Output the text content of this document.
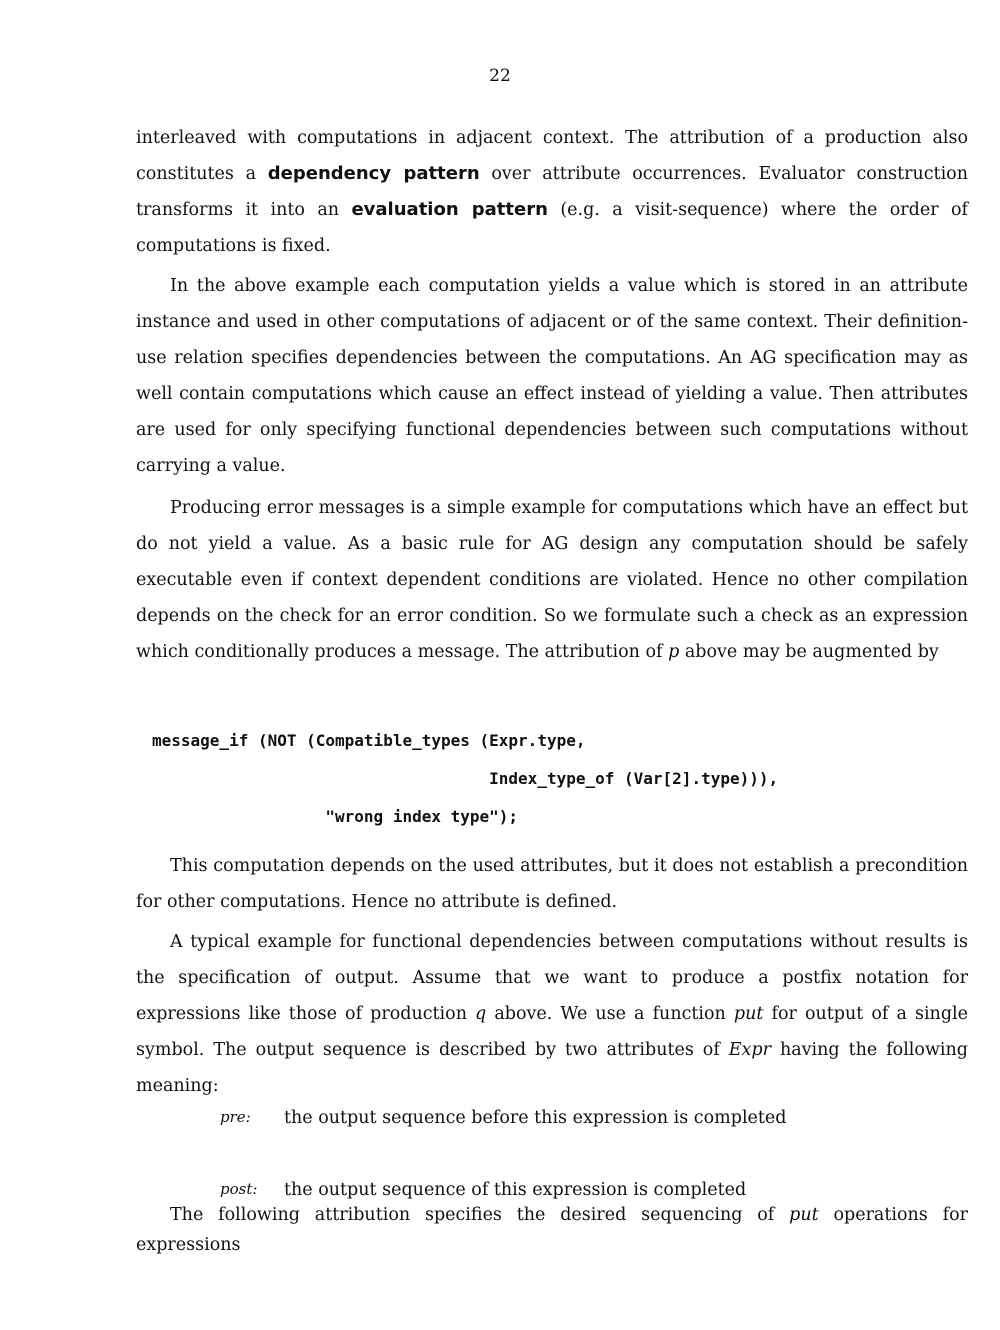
22

interleaved with computations in adjacent context. The attribution of a production also constitutes a dependency pattern over attribute occurrences. Evaluator construction transforms it into an evaluation pattern (e.g. a visit-sequence) where the order of computations is fixed.

In the above example each computation yields a value which is stored in an attribute instance and used in other computations of adjacent or of the same context. Their definition-use relation specifies dependencies between the computations. An AG specification may as well contain computations which cause an effect instead of yielding a value. Then attributes are used for only specifying functional dependencies between such computations without carrying a value.

Producing error messages is a simple example for computations which have an effect but do not yield a value. As a basic rule for AG design any computation should be safely executable even if context dependent conditions are violated. Hence no other compilation depends on the check for an error condition. So we formulate such a check as an expression which conditionally produces a message. The attribution of p above may be augmented by

message_if (NOT (Compatible_types (Expr.type,
Index_type_of (Var[2].type))),
"wrong index type");

This computation depends on the used attributes, but it does not establish a precondition for other computations. Hence no attribute is defined.

A typical example for functional dependencies between computations without results is the specification of output. Assume that we want to produce a postfix notation for expressions like those of production q above. We use a function put for output of a single symbol. The output sequence is described by two attributes of Expr having the following meaning:

pre:	the output sequence before this expression is completed
post:	the output sequence of this expression is completed

The following attribution specifies the desired sequencing of put operations for expressions
